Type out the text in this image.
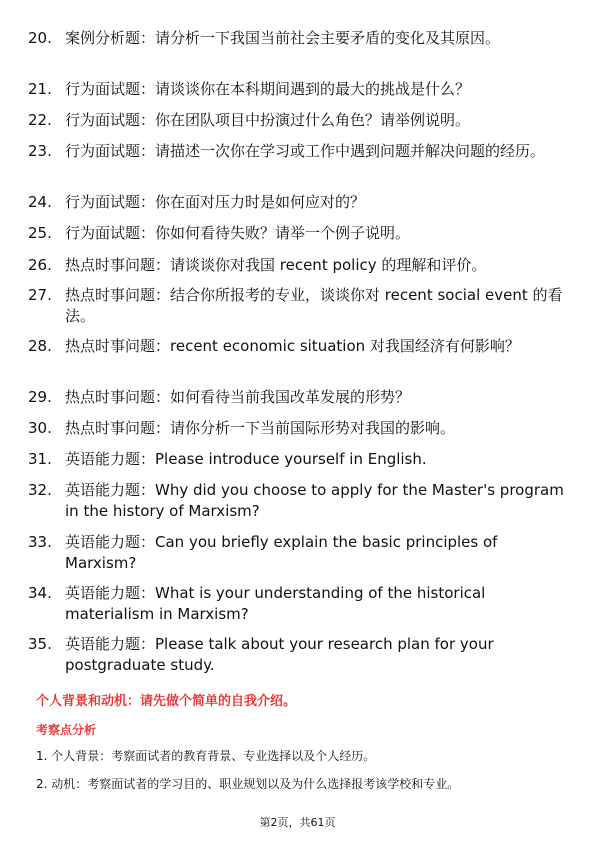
20. 案例分析题：请分析一下我国当前社会主要矛盾的变化及其原因。
21. 行为面试题：请谈谈你在本科期间遇到的最大的挑战是什么？
22. 行为面试题：你在团队项目中扮演过什么角色？请举例说明。
23. 行为面试题：请描述一次你在学习或工作中遇到问题并解决问题的经历。
24. 行为面试题：你在面对压力时是如何应对的？
25. 行为面试题：你如何看待失败？请举一个例子说明。
26. 热点时事问题：请谈谈你对我国 recent policy 的理解和评价。
27. 热点时事问题：结合你所报考的专业，谈谈你对 recent social event 的看法。
28. 热点时事问题：recent economic situation 对我国经济有何影响？
29. 热点时事问题：如何看待当前我国改革发展的形势？
30. 热点时事问题：请你分析一下当前国际形势对我国的影响。
31. 英语能力题：Please introduce yourself in English.
32. 英语能力题：Why did you choose to apply for the Master's program in the history of Marxism?
33. 英语能力题：Can you briefly explain the basic principles of Marxism?
34. 英语能力题：What is your understanding of the historical materialism in Marxism?
35. 英语能力题：Please talk about your research plan for your postgraduate study.
个人背景和动机：请先做个简单的自我介绍。
考察点分析
1. 个人背景：考察面试者的教育背景、专业选择以及个人经历。
2. 动机：考察面试者的学习目的、职业规划以及为什么选择报考该学校和专业。
第2页，共61页
